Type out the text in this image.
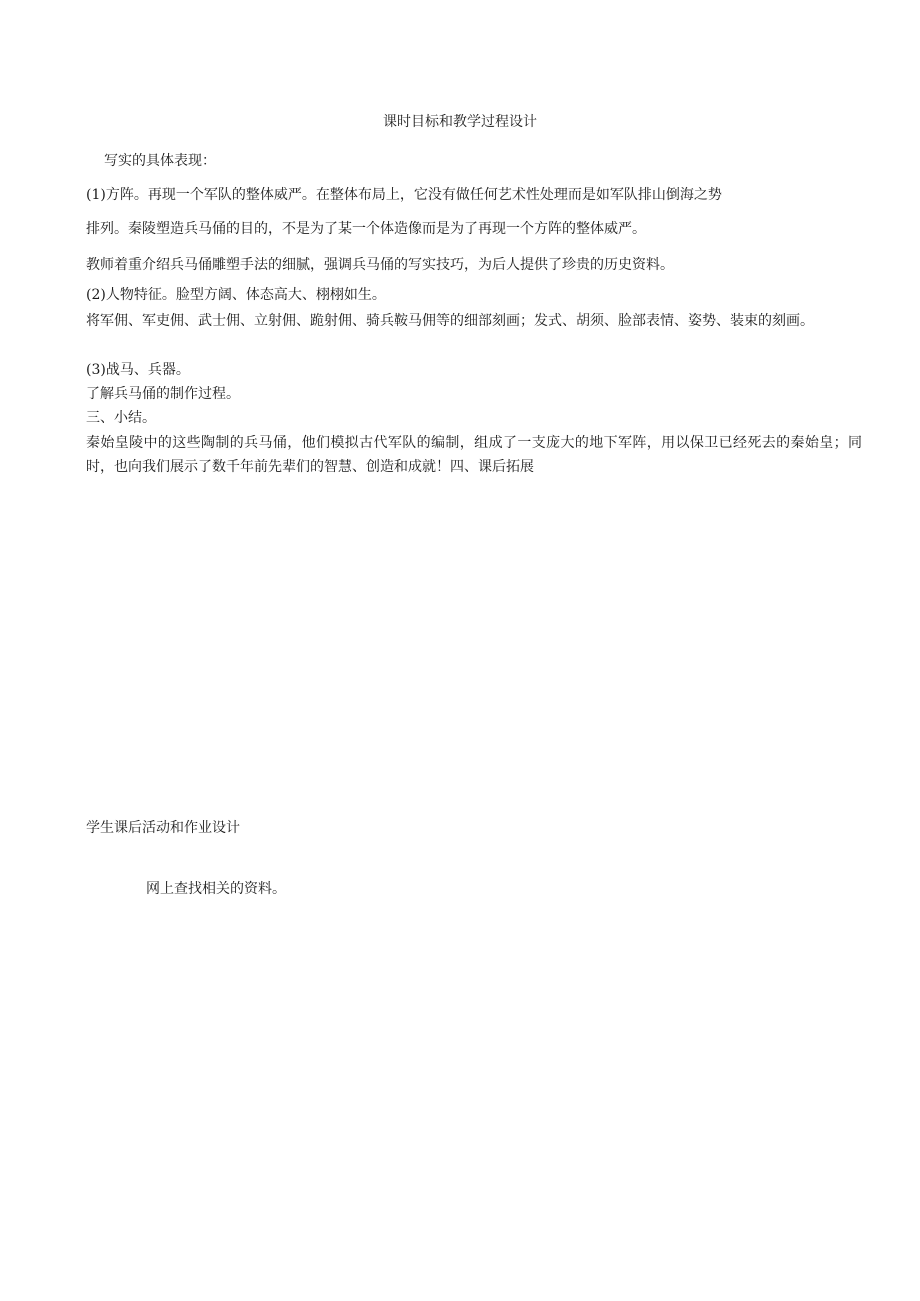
课时目标和教学过程设计

写实的具体表现：

(1)方阵。再现一个军队的整体威严。在整体布局上，它没有做任何艺术性处理而是如军队排山倒海之势

排列。秦陵塑造兵马俑的目的，不是为了某一个体造像而是为了再现一个方阵的整体威严。

教师着重介绍兵马俑雕塑手法的细腻，强调兵马俑的写实技巧，为后人提供了珍贵的历史资料。

(2)人物特征。脸型方阔、体态高大、栩栩如生。

将军佣、军吏佣、武士佣、立射佣、跪射佣、骑兵鞍马佣等的细部刻画；发式、胡须、脸部表情、姿势、装束的刻画。

(3)战马、兵器。

了解兵马俑的制作过程。

三、小结。

秦始皇陵中的这些陶制的兵马俑，他们模拟古代军队的编制，组成了一支庞大的地下军阵，用以保卫已经死去的秦始皇；同时，也向我们展示了数千年前先辈们的智慧、创造和成就！四、课后拓展

学生课后活动和作业设计

网上查找相关的资料。
